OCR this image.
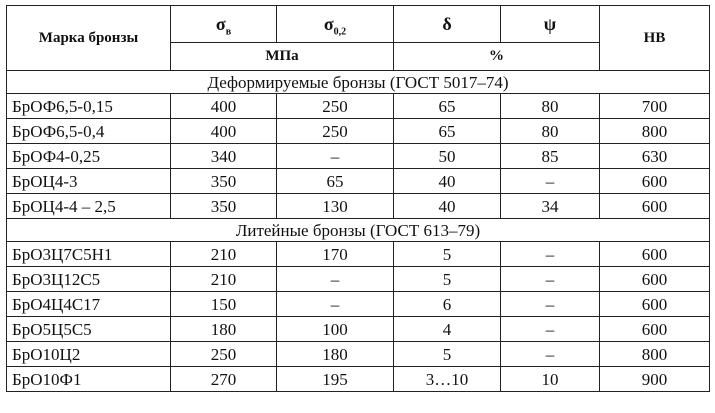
Марка бронзы	$\sigma_в$	$\sigma_{0,2}$	δ	ψ	НВ
	МПа		%		
Деформируемые бронзы (ГОСТ 5017–74)					
БрОФ6,5-0,15	400	250	65	80	700
БрОФ6,5-0,4	400	250	65	80	800
БрОФ4-0,25	340	–	50	85	630
БрОЦ4-3	350	65	40	–	600
БрОЦ4-4 – 2,5	350	130	40	34	600
Литейные бронзы (ГОСТ 613–79)					
БрО3Ц7С5Н1	210	170	5	–	600
БрО3Ц12С5	210	–	5	–	600
БрО4Ц4С17	150	–	6	–	600
БрО5Ц5С5	180	100	4	–	600
БрО10Ц2	250	180	5	–	800
БрО10Ф1	270	195	3…10	10	900
